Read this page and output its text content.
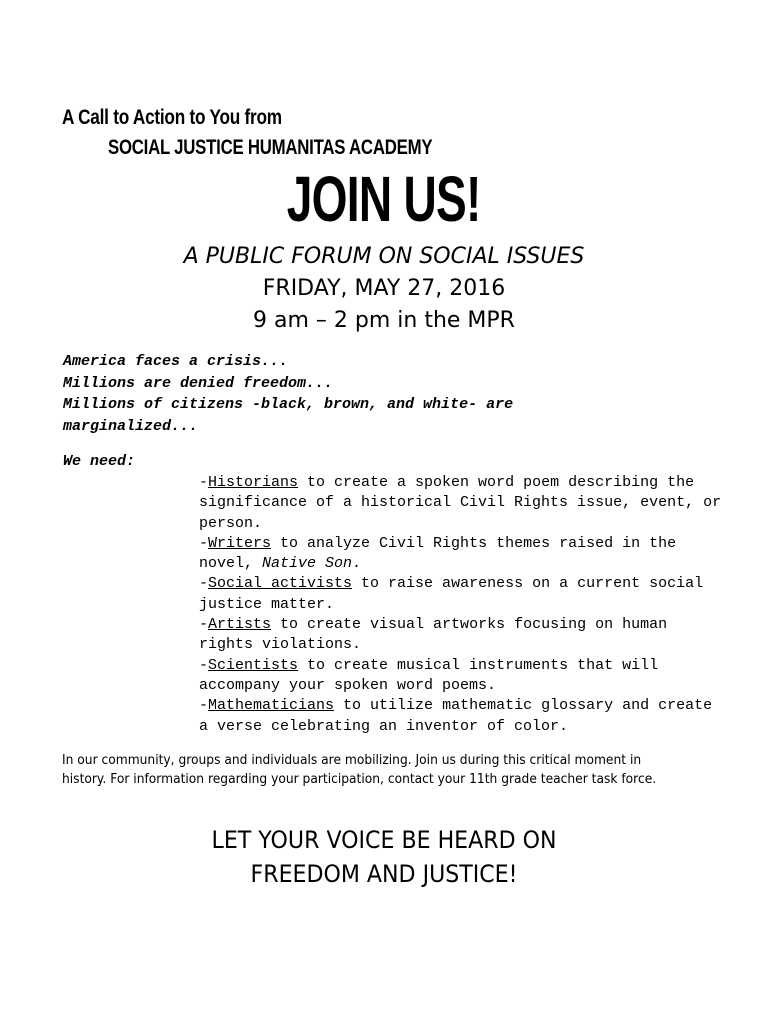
A Call to Action to You from
SOCIAL JUSTICE HUMANITAS ACADEMY
JOIN US!
A PUBLIC FORUM ON SOCIAL ISSUES
FRIDAY, MAY 27, 2016
9 am – 2 pm in the MPR
America faces a crisis...
Millions are denied freedom...
Millions of citizens -black, brown, and white- are
marginalized...
We need:

-Historians to create a spoken word poem describing the significance of a historical Civil Rights issue, event, or person.

-Writers to analyze Civil Rights themes raised in the novel, Native Son.

-Social activists to raise awareness on a current social justice matter.

-Artists to create visual artworks focusing on human rights violations.

-Scientists to create musical instruments that will accompany your spoken word poems.

-Mathematicians to utilize mathematic glossary and create a verse celebrating an inventor of color.

In our community, groups and individuals are mobilizing. Join us during this critical moment in history. For information regarding your participation, contact your 11th grade teacher task force.
LET YOUR VOICE BE HEARD ON
FREEDOM AND JUSTICE!
